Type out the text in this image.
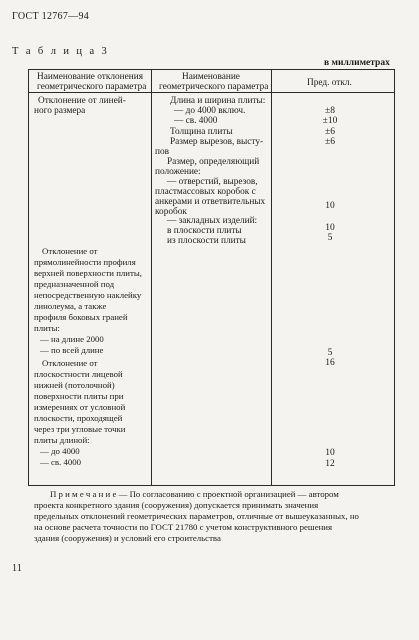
ГОСТ 12767—94
Т а б л и ц а 3
в миллиметрах
Наименование отклонения
геометрического параметра
Наименование
геометрического параметра	Пред. откл.
Отклонение от линей-
ного размера
Отклонение от
прямолинейности профиля
верхней поверхности плиты,
предназначенной под
непосредственную наклейку
линолеума, а также
профиля боковых граней
плиты:
— на длине 2000
— по всей длине
Отклонение от
плоскостности лицевой
нижней (потолочной)
поверхности плиты при
измерениях от условной
плоскости, проходящей
через три угловые точки
плиты длиной:
— до 4000
— св. 4000
Длина и ширина плиты:
— до 4000 включ.
— св. 4000
Толщина плиты
Размер вырезов, высту-
пов
Размер, определяющий
положение:
— отверстий, вырезов,
пластмассовых коробок с
анкерами и ответвительных
коробок
— закладных изделий:
в плоскости плиты
из плоскости плиты
±8
±10
±6
±6
10
10
5
5
16
10
12
П р и м е ч а н и е — По согласованию с проектной организацией — автором
проекта конкретного здания (сооружения) допускается принимать значения
предельных отклонений геометрических параметров, отличные от вышеуказанных, но
на основе расчета точности по ГОСТ 21780 с учетом конструктивного решения
здания (сооружения) и условий его строительства
11
